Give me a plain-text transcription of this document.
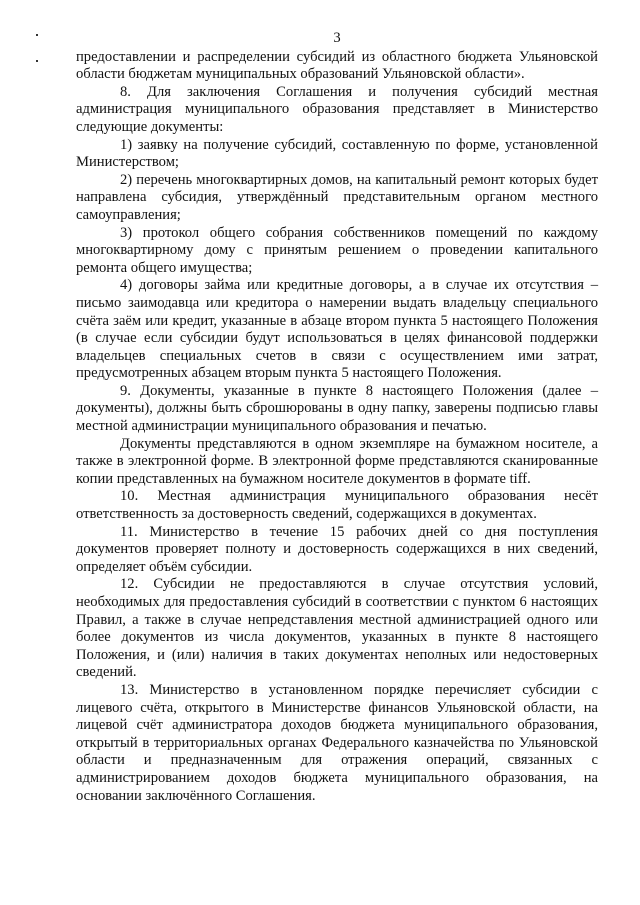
3

предоставлении и распределении субсидий из областного бюджета Ульяновской области бюджетам муниципальных образований Ульяновской области».

8. Для заключения Соглашения и получения субсидий местная администрация муниципального образования представляет в Министерство следующие документы:

1) заявку на получение субсидий, составленную по форме, установленной Министерством;

2) перечень многоквартирных домов, на капитальный ремонт которых будет направлена субсидия, утверждённый представительным органом местного самоуправления;

3) протокол общего собрания собственников помещений по каждому многоквартирному дому с принятым решением о проведении капитального ремонта общего имущества;

4) договоры займа или кредитные договоры, а в случае их отсутствия – письмо заимодавца или кредитора о намерении выдать владельцу специального счёта заём или кредит, указанные в абзаце втором пункта 5 настоящего Положения (в случае если субсидии будут использоваться в целях финансовой поддержки владельцев специальных счетов в связи с осуществлением ими затрат, предусмотренных абзацем вторым пункта 5 настоящего Положения.

9. Документы, указанные в пункте 8 настоящего Положения (далее – документы), должны быть сброшюрованы в одну папку, заверены подписью главы местной администрации муниципального образования и печатью.

Документы представляются в одном экземпляре на бумажном носителе, а также в электронной форме. В электронной форме представляются сканированные копии представленных на бумажном носителе документов в формате tiff.

10. Местная администрация муниципального образования несёт ответственность за достоверность сведений, содержащихся в документах.

11. Министерство в течение 15 рабочих дней со дня поступления документов проверяет полноту и достоверность содержащихся в них сведений, определяет объём субсидии.

12. Субсидии не предоставляются в случае отсутствия условий, необходимых для предоставления субсидий в соответствии с пунктом 6 настоящих Правил, а также в случае непредставления местной администрацией одного или более документов из числа документов, указанных в пункте 8 настоящего Положения, и (или) наличия в таких документах неполных или недостоверных сведений.

13. Министерство в установленном порядке перечисляет субсидии с лицевого счёта, открытого в Министерстве финансов Ульяновской области, на лицевой счёт администратора доходов бюджета муниципального образования, открытый в территориальных органах Федерального казначейства по Ульяновской области и предназначенным для отражения операций, связанных с администрированием доходов бюджета муниципального образования, на основании заключённого Соглашения.
